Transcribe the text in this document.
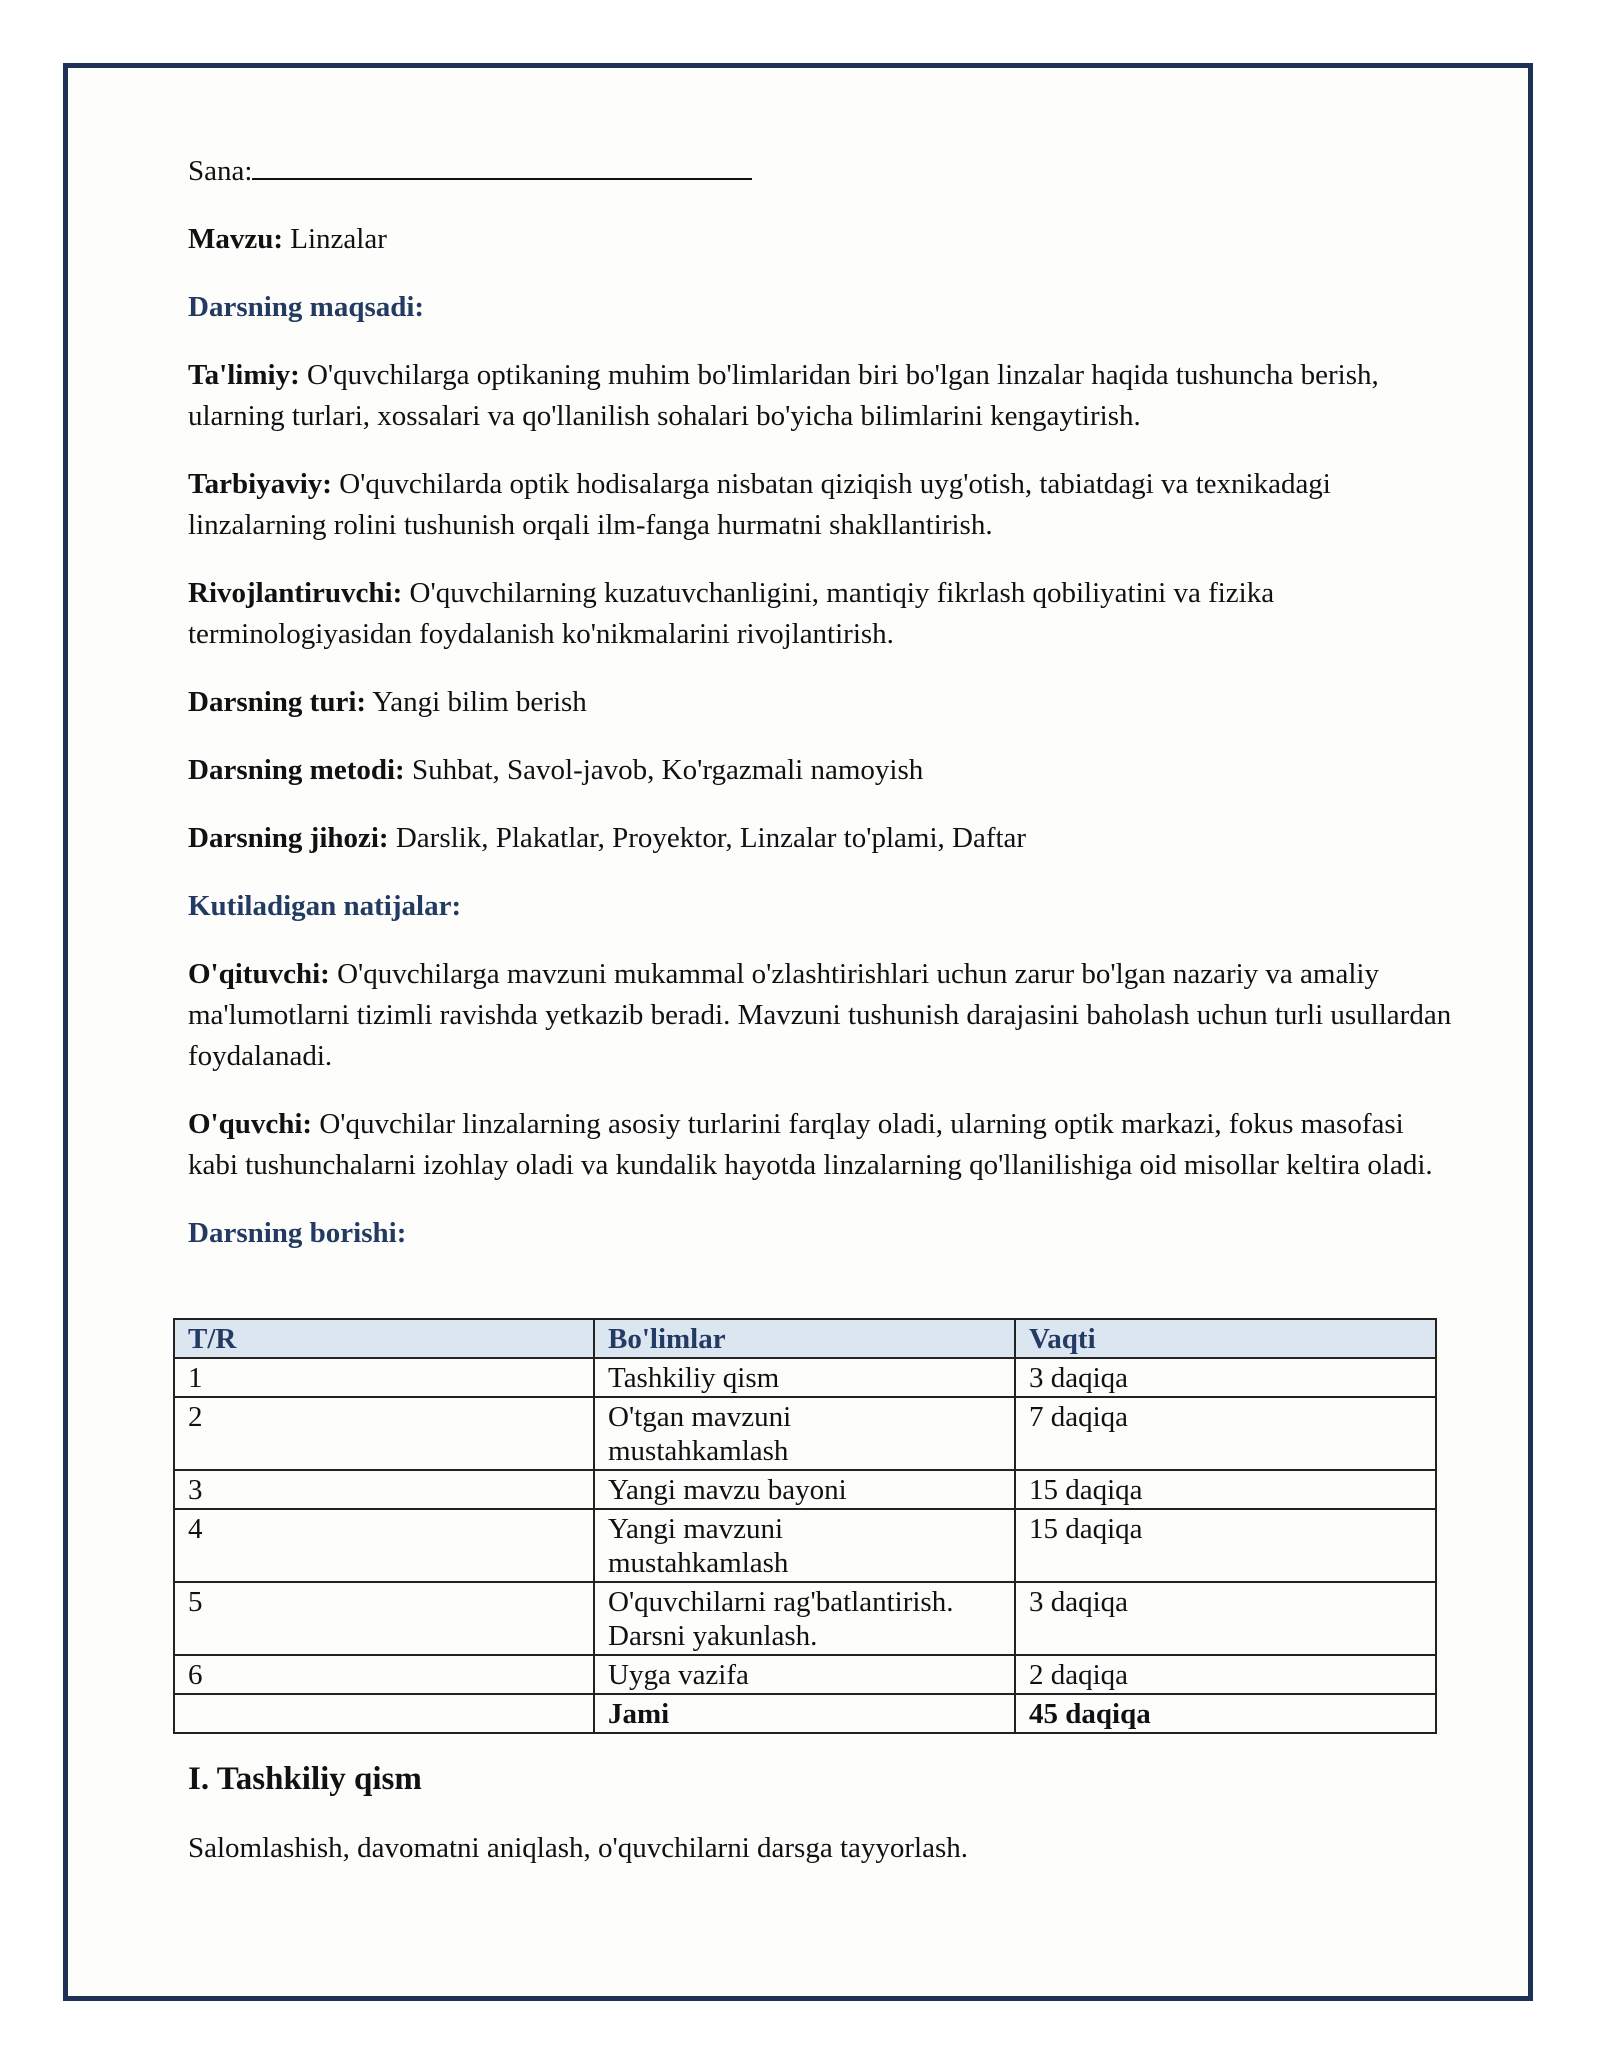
Sana:

Mavzu: Linzalar

Darsning maqsadi:

Ta'limiy: O'quvchilarga optikaning muhim bo'limlaridan biri bo'lgan linzalar haqida tushuncha berish, ularning turlari, xossalari va qo'llanilish sohalari bo'yicha bilimlarini kengaytirish.

Tarbiyaviy: O'quvchilarda optik hodisalarga nisbatan qiziqish uyg'otish, tabiatdagi va texnikadagi linzalarning rolini tushunish orqali ilm-fanga hurmatni shakllantirish.

Rivojlantiruvchi: O'quvchilarning kuzatuvchanligini, mantiqiy fikrlash qobiliyatini va fizika terminologiyasidan foydalanish ko'nikmalarini rivojlantirish.

Darsning turi: Yangi bilim berish

Darsning metodi: Suhbat, Savol-javob, Ko'rgazmali namoyish

Darsning jihozi: Darslik, Plakatlar, Proyektor, Linzalar to'plami, Daftar

Kutiladigan natijalar:

O'qituvchi: O'quvchilarga mavzuni mukammal o'zlashtirishlari uchun zarur bo'lgan nazariy va amaliy ma'lumotlarni tizimli ravishda yetkazib beradi. Mavzuni tushunish darajasini baholash uchun turli usullardan foydalanadi.

O'quvchi: O'quvchilar linzalarning asosiy turlarini farqlay oladi, ularning optik markazi, fokus masofasi kabi tushunchalarni izohlay oladi va kundalik hayotda linzalarning qo'llanilishiga oid misollar keltira oladi.

Darsning borishi:

T/R	Bo'limlar	Vaqti
1	Tashkiliy qism	3 daqiqa
2	O'tgan mavzuni mustahkamlash	7 daqiqa
3	Yangi mavzu bayoni	15 daqiqa
4	Yangi mavzuni mustahkamlash	15 daqiqa
5	O'quvchilarni rag'batlantirish. Darsni yakunlash.	3 daqiqa
6	Uyga vazifa	2 daqiqa
	Jami	45 daqiqa

I. Tashkiliy qism

Salomlashish, davomatni aniqlash, o'quvchilarni darsga tayyorlash.
